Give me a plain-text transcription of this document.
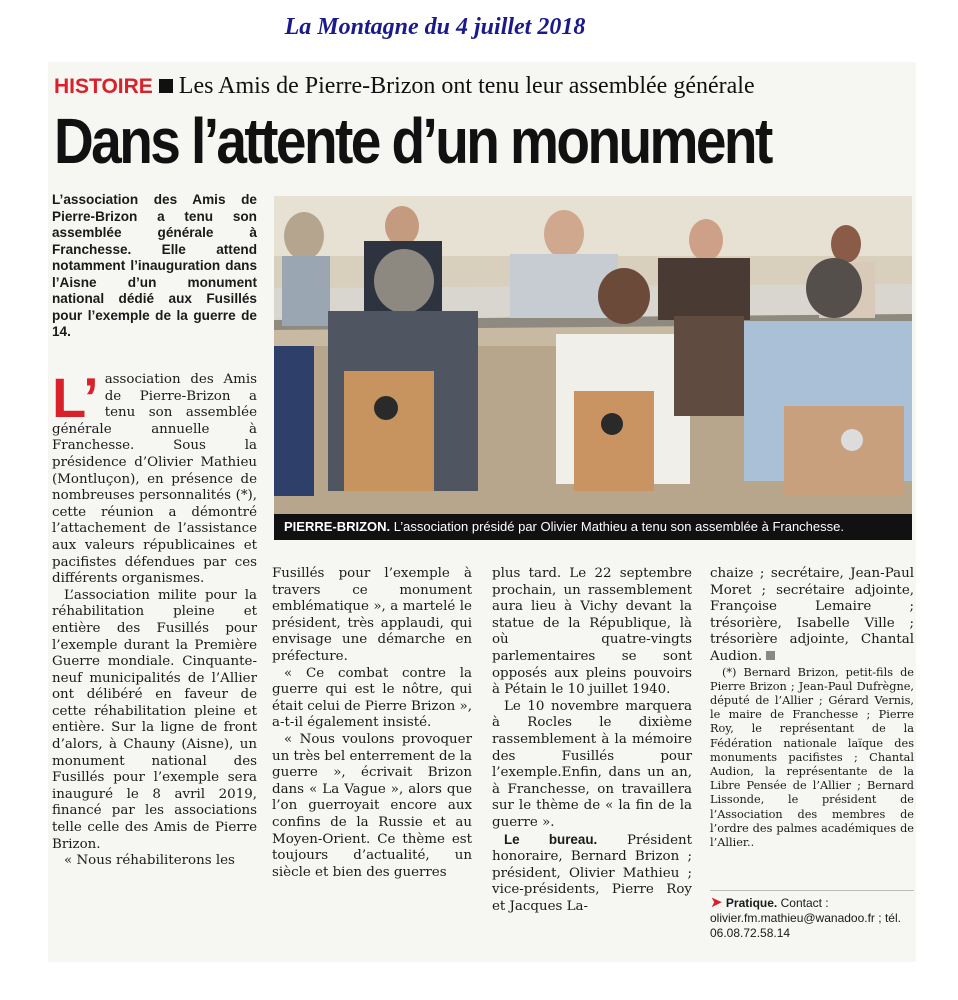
La Montagne du 4 juillet 2018
HISTOIRE Les Amis de Pierre-Brizon ont tenu leur assemblée générale
Dans l’attente d’un monument
L’association des Amis de Pierre-Brizon a tenu son assemblée générale à Franchesse. Elle attend notamment l’inauguration dans l’Aisne d’un monument national dédié aux Fusillés pour l’exemple de la guerre de 14.
PIERRE-BRIZON. L’association présidé par Olivier Mathieu a tenu son assemblée à Franchesse.

L’ association des Amis de Pierre-Brizon a tenu son assemblée générale annuelle à Franchesse. Sous la présidence d’Olivier Mathieu (Montluçon), en présence de nombreuses personnalités (*), cette réunion a démontré l’attachement de l’assistance aux valeurs républicaines et pacifistes défendues par ces différents organismes.

L’association milite pour la réhabilitation pleine et entière des Fusillés pour l’exemple durant la Première Guerre mondiale. Cinquante-neuf municipalités de l’Allier ont délibéré en faveur de cette réhabilitation pleine et entière. Sur la ligne de front d’alors, à Chauny (Aisne), un monument national des Fusillés pour l’exemple sera inauguré le 8 avril 2019, financé par les associations telle celle des Amis de Pierre Brizon.

« Nous réhabiliterons les

Fusillés pour l’exemple à travers ce monument emblématique », a martelé le président, très applaudi, qui envisage une démarche en préfecture.

« Ce combat contre la guerre qui est le nôtre, qui était celui de Pierre Brizon », a-t-il également insisté.

« Nous voulons provoquer un très bel enterrement de la guerre », écrivait Brizon dans « La Vague », alors que l’on guerroyait encore aux confins de la Russie et au Moyen-Orient. Ce thème est toujours d’actualité, un siècle et bien des guerres

plus tard. Le 22 septembre prochain, un rassemblement aura lieu à Vichy devant la statue de la République, là où quatre-vingts parlementaires se sont opposés aux pleins pouvoirs à Pétain le 10 juillet 1940.

Le 10 novembre marquera à Rocles le dixième rassemblement à la mémoire des Fusillés pour l’exemple.Enfin, dans un an, à Franchesse, on travaillera sur le thème de « la fin de la guerre ».

Le bureau. Président honoraire, Bernard Brizon ; président, Olivier Mathieu ; vice-présidents, Pierre Roy et Jacques La-

chaize ; secrétaire, Jean-Paul Moret ; secrétaire adjointe, Françoise Lemaire ; trésorière, Isabelle Ville ; trésorière adjointe, Chantal Audion.

(*) Bernard Brizon, petit-fils de Pierre Brizon ; Jean-Paul Dufrègne, député de l’Allier ; Gérard Vernis, le maire de Franchesse ; Pierre Roy, le représentant de la Fédération nationale laïque des monuments pacifistes ; Chantal Audion, la représentante de la Libre Pensée de l’Allier ; Bernard Lissonde, le président de l’Association des membres de l’ordre des palmes académiques de l’Allier..

➤ Pratique. Contact :
olivier.fm.mathieu@wanadoo.fr ; tél. 06.08.72.58.14
